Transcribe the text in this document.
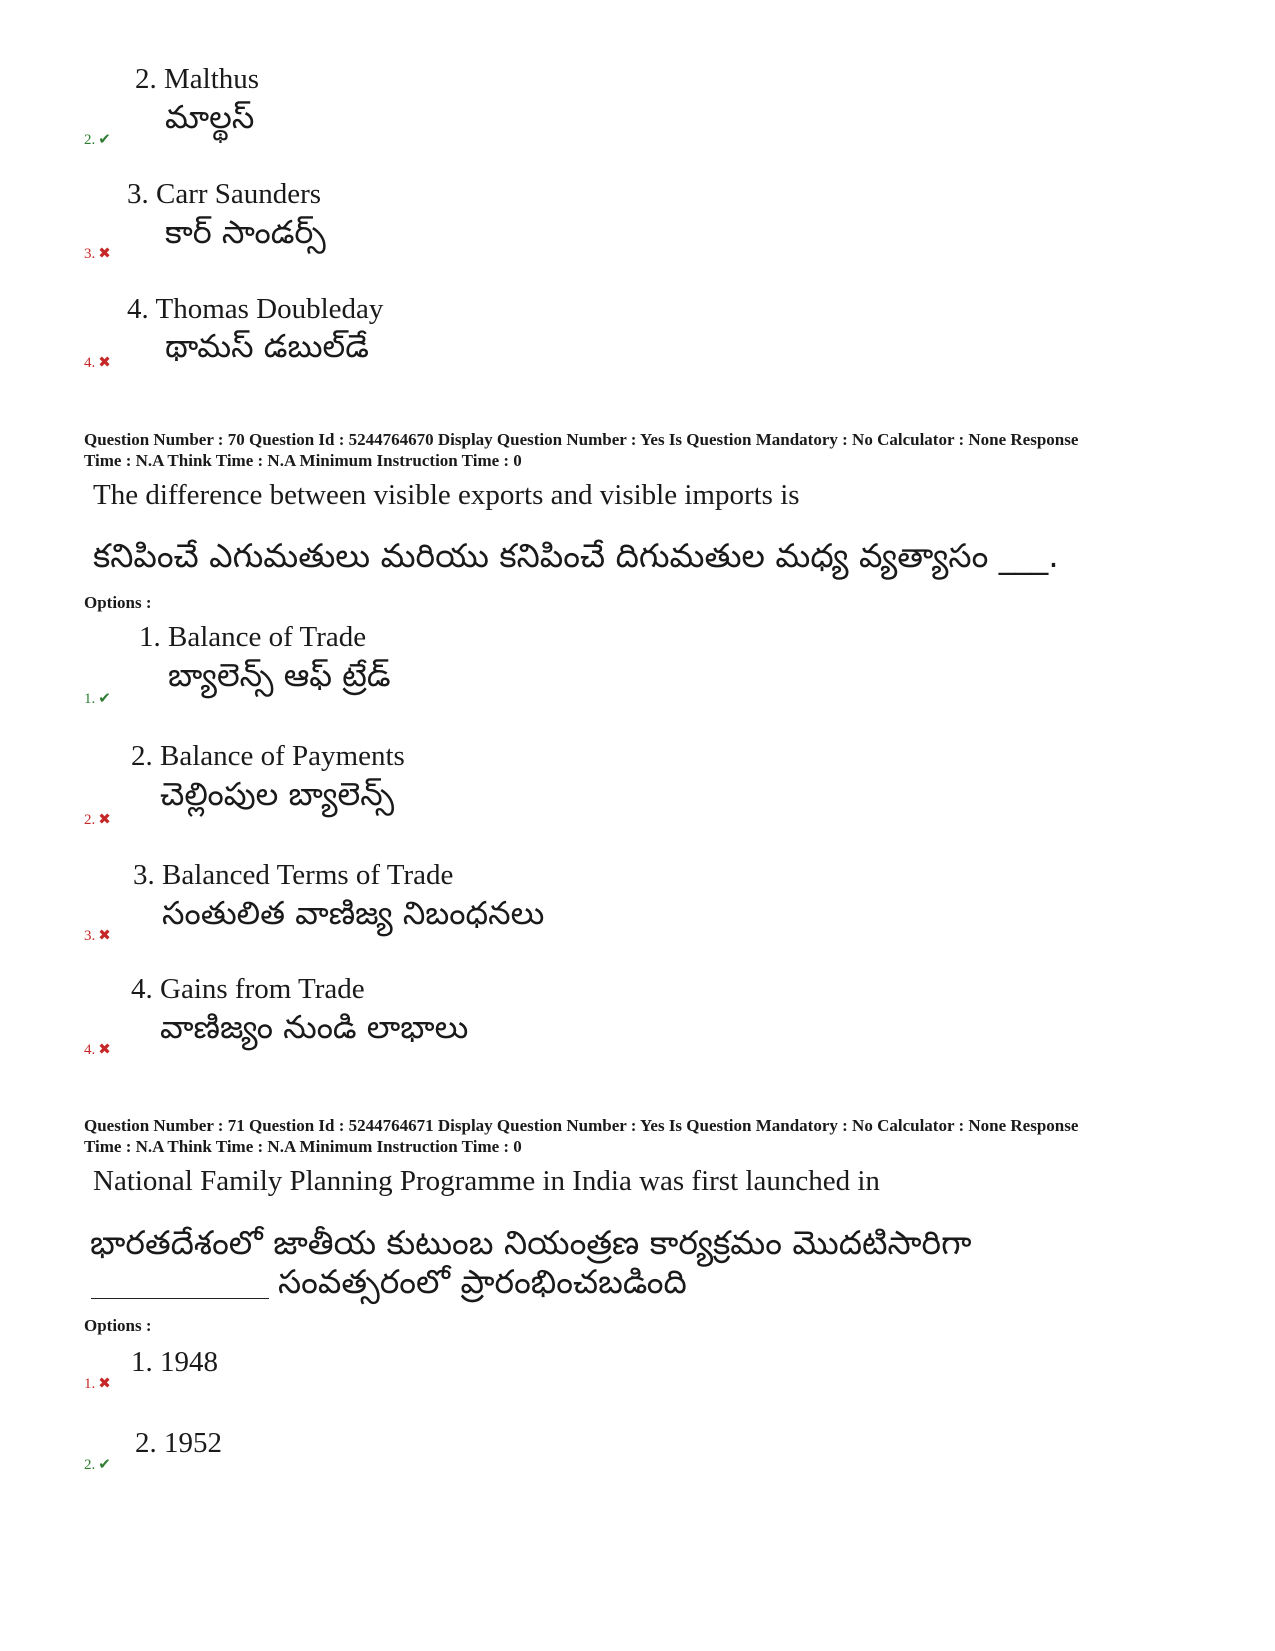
2. Malthus
మాల్థస్
2. ✔
3. Carr Saunders
కార్ సాండర్స్
3. ✖
4. Thomas Doubleday
థామస్ డబుల్‌డే
4. ✖
Question Number : 70 Question Id : 5244764670 Display Question Number : Yes Is Question Mandatory : No Calculator : None Response
Time : N.A Think Time : N.A Minimum Instruction Time : 0
The difference between visible exports and visible imports is
కనిపించే ఎగుమతులు మరియు కనిపించే దిగుమతుల మధ్య వ్యత్యాసం ___.
Options :
1. Balance of Trade
బ్యాలెన్స్ ఆఫ్ ట్రేడ్
1. ✔
2. Balance of Payments
చెల్లింపుల బ్యాలెన్స్
2. ✖
3. Balanced Terms of Trade
సంతులిత వాణిజ్య నిబంధనలు
3. ✖
4. Gains from Trade
వాణిజ్యం నుండి లాభాలు
4. ✖
Question Number : 71 Question Id : 5244764671 Display Question Number : Yes Is Question Mandatory : No Calculator : None Response
Time : N.A Think Time : N.A Minimum Instruction Time : 0
National Family Planning Programme in India was first launched in
భారతదేశంలో జాతీయ కుటుంబ నియంత్రణ కార్యక్రమం మొదటిసారిగా
సంవత్సరంలో ప్రారంభించబడింది
Options :
1. 1948
1. ✖
2. 1952
2. ✔
